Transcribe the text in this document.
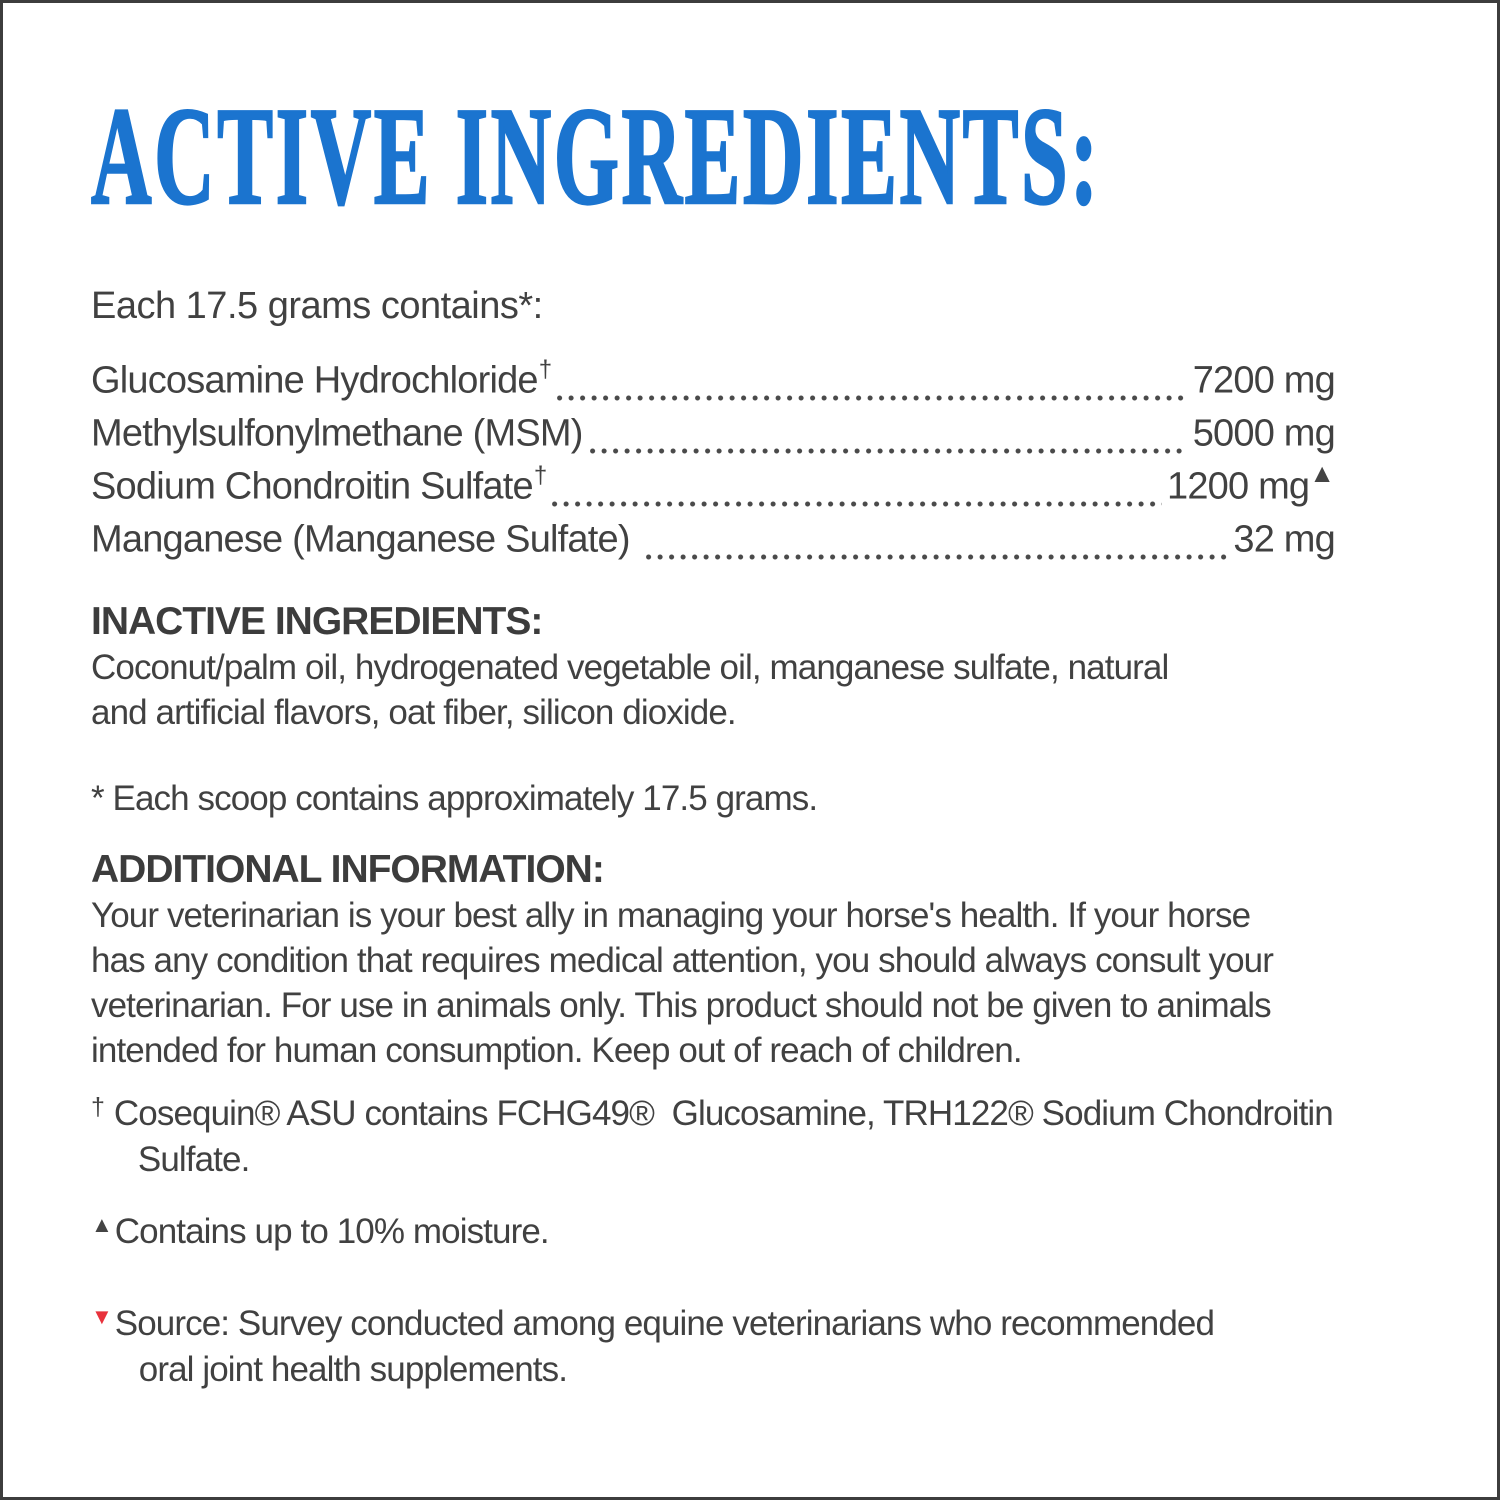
ACTIVE INGREDIENTS:
Each 17.5 grams contains*:
Glucosamine Hydrochloride†	7200 mg
Methylsulfonylmethane (MSM)	5000 mg
Sodium Chondroitin Sulfate†	1200 mg▲
Manganese (Manganese Sulfate)	32 mg
INACTIVE INGREDIENTS:
Coconut/palm oil, hydrogenated vegetable oil, manganese sulfate, natural
and artificial flavors, oat fiber, silicon dioxide.
* Each scoop contains approximately 17.5 grams.
ADDITIONAL INFORMATION:
Your veterinarian is your best ally in managing your horse's health. If your horse
has any condition that requires medical attention, you should always consult your
veterinarian. For use in animals only. This product should not be given to animals
intended for human consumption. Keep out of reach of children.
† Cosequin® ASU contains FCHG49®  Glucosamine, TRH122® Sodium Chondroitin
Sulfate.
▲ Contains up to 10% moisture.
▼ Source: Survey conducted among equine veterinarians who recommended
oral joint health supplements.
